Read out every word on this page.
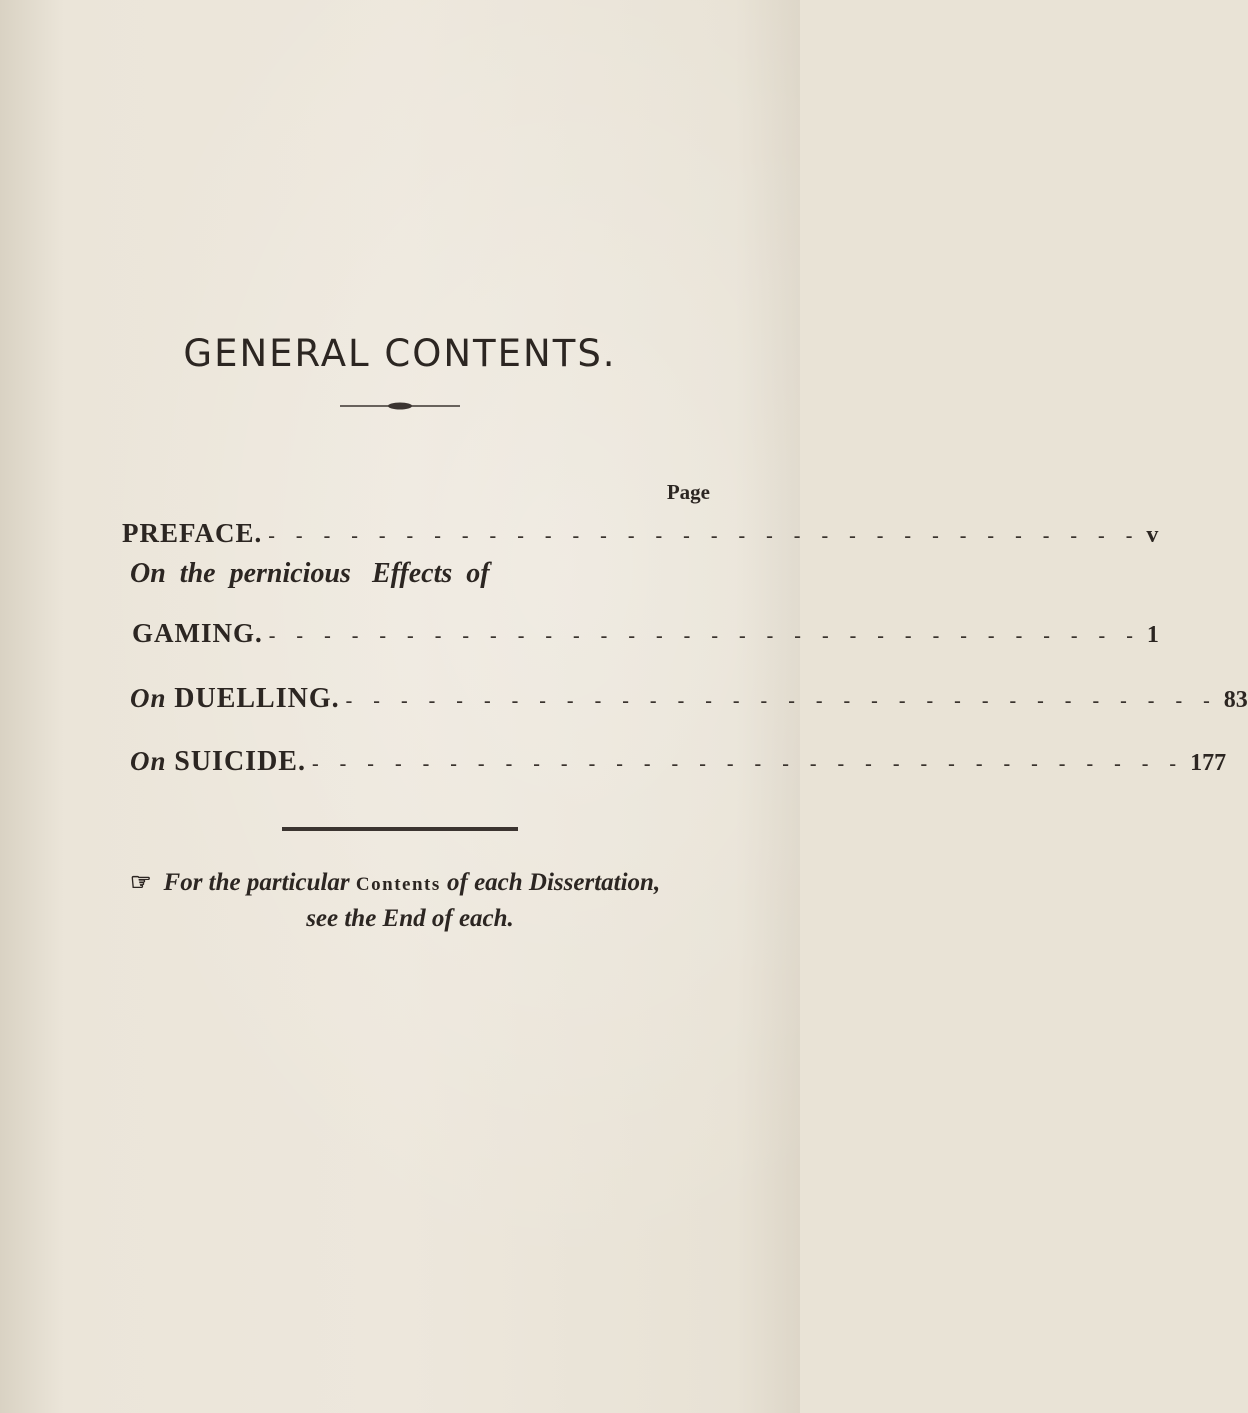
GENERAL CONTENTS.
Page
PREFACE. - - - - - - - - - - - - - - - - - - - - - - - - - - - - - - - - v
On the pernicious Effects of
GAMING. - - - - - - - - - - - - - - - - - - - - - - - - - - - - - - - - 1
On DUELLING. - - - - - - - - - - - - - - - - - - - - - - - - - - - - - - - - 83
On SUICIDE. - - - - - - - - - - - - - - - - - - - - - - - - - - - - - - - - 177
☞ For the particular Contents of each Dissertation,
see the End of each.
